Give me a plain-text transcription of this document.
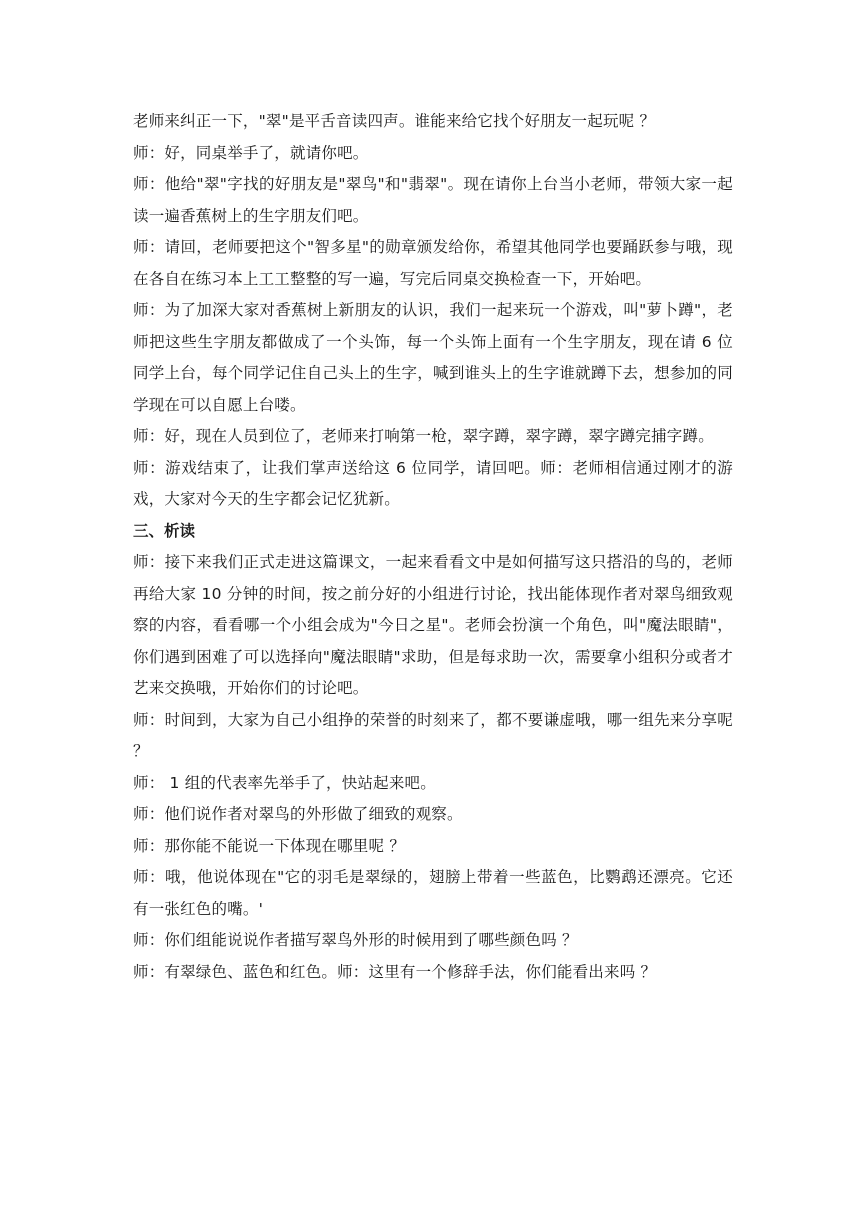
老师来纠正一下，"翠"是平舌音读四声。谁能来给它找个好朋友一起玩呢 ？

师：好，同桌举手了，就请你吧。

师：他给"翠"字找的好朋友是"翠鸟"和"翡翠"。现在请你上台当小老师，带领大家一起读一遍香蕉树上的生字朋友们吧。

师：请回，老师要把这个"智多星"的勋章颁发给你，希望其他同学也要踊跃参与哦，现在各自在练习本上工工整整的写一遍，写完后同桌交换检查一下，开始吧。

师：为了加深大家对香蕉树上新朋友的认识，我们一起来玩一个游戏，叫"萝卜蹲"，老师把这些生字朋友都做成了一个头饰，每一个头饰上面有一个生字朋友，现在请 6 位同学上台，每个同学记住自己头上的生字，喊到谁头上的生字谁就蹲下去，想参加的同学现在可以自愿上台喽。

师：好，现在人员到位了，老师来打响第一枪，翠字蹲，翠字蹲，翠字蹲完捕字蹲。

师：游戏结束了，让我们掌声送给这 6 位同学，请回吧。师：老师相信通过刚才的游戏，大家对今天的生字都会记忆犹新。

三、析读

师：接下来我们正式走进这篇课文，一起来看看文中是如何描写这只搭沿的鸟的，老师再给大家 10 分钟的时间，按之前分好的小组进行讨论，找出能体现作者对翠鸟细致观察的内容，看看哪一个小组会成为"今日之星"。老师会扮演一个角色，叫"魔法眼睛"，你们遇到困难了可以选择向"魔法眼睛"求助，但是每求助一次，需要拿小组积分或者才艺来交换哦，开始你们的讨论吧。

师：时间到，大家为自己小组挣的荣誉的时刻来了，都不要谦虚哦，哪一组先来分享呢 ？

师： 1 组的代表率先举手了，快站起来吧。

师：他们说作者对翠鸟的外形做了细致的观察。

师：那你能不能说一下体现在哪里呢 ？

师：哦，他说体现在"它的羽毛是翠绿的，翅膀上带着一些蓝色，比鹦鹉还漂亮。它还有一张红色的嘴。'

师：你们组能说说作者描写翠鸟外形的时候用到了哪些颜色吗 ？

师：有翠绿色、蓝色和红色。师：这里有一个修辞手法，你们能看出来吗 ？
